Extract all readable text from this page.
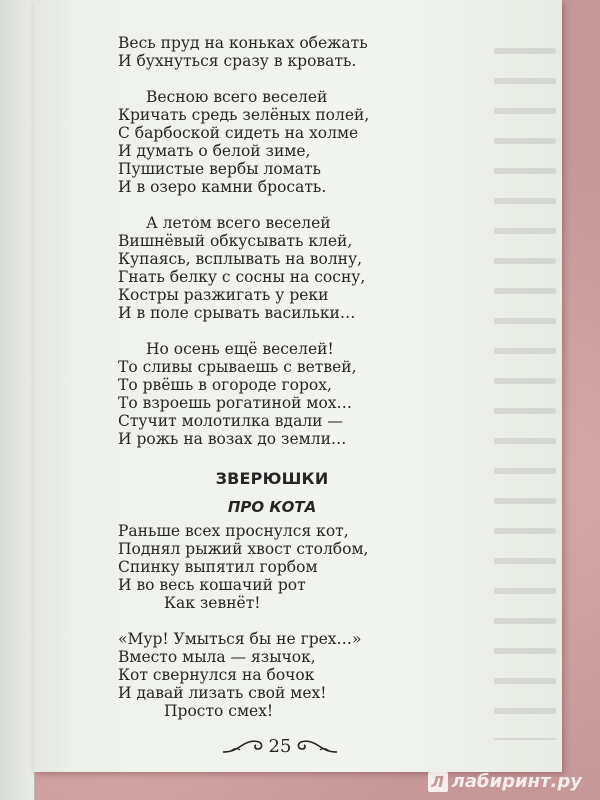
Весь пруд на коньках обежать
И бухнуться сразу в кровать.
Весною всего веселей
Кричать средь зелёных полей,
С барбоской сидеть на холме
И думать о белой зиме,
Пушистые вербы ломать
И в озеро камни бросать.
А летом всего веселей
Вишнёвый обкусывать клей,
Купаясь, всплывать на волну,
Гнать белку с сосны на сосну,
Костры разжигать у реки
И в поле срывать васильки…
Но осень ещё веселей!
То сливы срываешь с ветвей,
То рвёшь в огороде горох,
То взроешь рогатиной мох…
Стучит молотилка вдали —
И рожь на возах до земли…
ЗВЕРЮШКИ
ПРО КОТА
Раньше всех проснулся кот,
Поднял рыжий хвост столбом,
Спинку выпятил горбом
И во весь кошачий рот
Как зевнёт!
«Мур! Умыться бы не грех…»
Вместо мыла — язычок,
Кот свернулся на бочок
И давай лизать свой мех!
Просто смех!
25
Л лабиринт.ру
